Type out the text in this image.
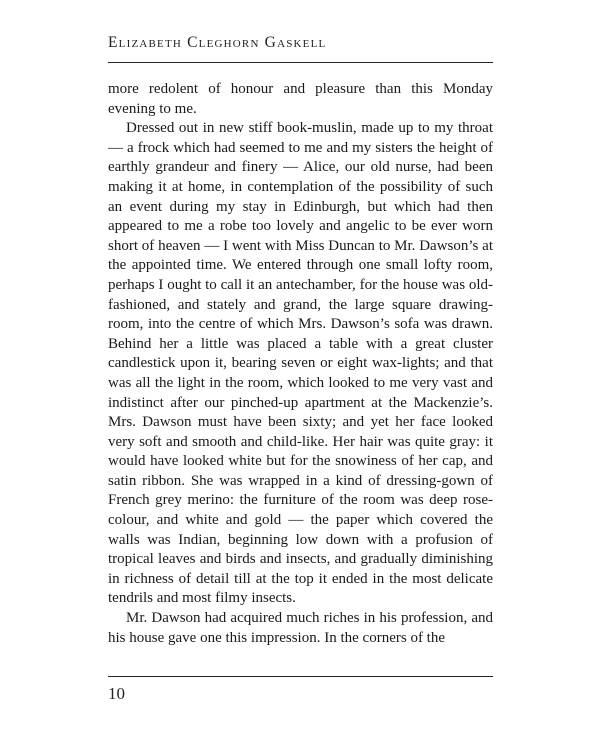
Elizabeth Cleghorn Gaskell

more redolent of honour and pleasure than this Monday evening to me.

Dressed out in new stiff book-muslin, made up to my throat — a frock which had seemed to me and my sisters the height of earthly grandeur and finery — Alice, our old nurse, had been making it at home, in contemplation of the possibility of such an event during my stay in Edinburgh, but which had then appeared to me a robe too lovely and angelic to be ever worn short of heaven — I went with Miss Duncan to Mr. Dawson’s at the appointed time. We entered through one small lofty room, perhaps I ought to call it an antechamber, for the house was old-fashioned, and stately and grand, the large square drawing-room, into the centre of which Mrs. Dawson’s sofa was drawn. Behind her a little was placed a table with a great cluster candlestick upon it, bearing seven or eight wax-lights; and that was all the light in the room, which looked to me very vast and indistinct after our pinched-up apartment at the Mackenzie’s. Mrs. Dawson must have been sixty; and yet her face looked very soft and smooth and child-like. Her hair was quite gray: it would have looked white but for the snowiness of her cap, and satin ribbon. She was wrapped in a kind of dressing-gown of French grey merino: the furniture of the room was deep rose-colour, and white and gold — the paper which covered the walls was Indian, beginning low down with a profusion of tropical leaves and birds and insects, and gradually diminishing in richness of detail till at the top it ended in the most delicate tendrils and most filmy insects.

Mr. Dawson had acquired much riches in his profession, and his house gave one this impression. In the corners of the

10
